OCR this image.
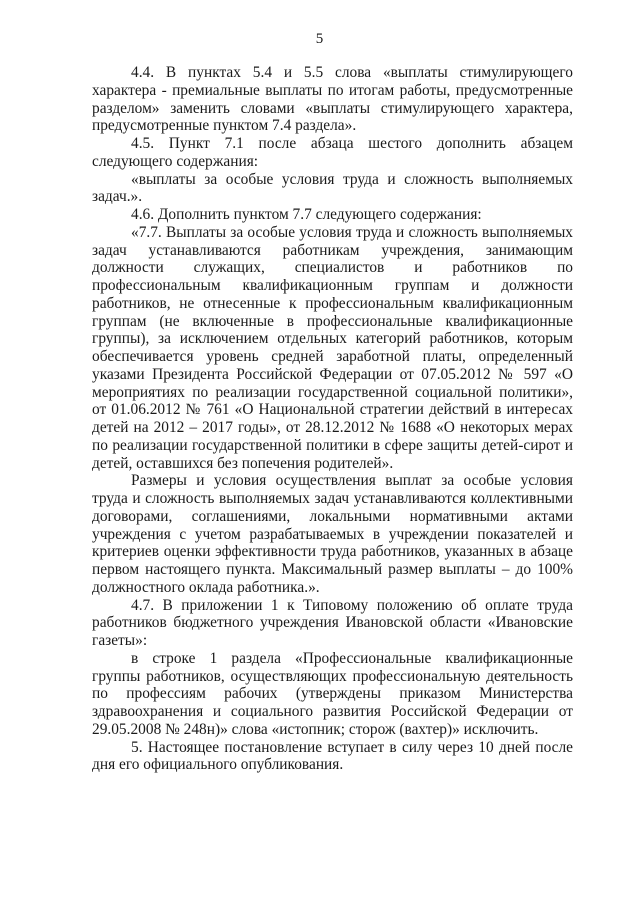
5

4.4. В пунктах 5.4 и 5.5 слова «выплаты стимулирующего характера - премиальные выплаты по итогам работы, предусмотренные разделом» заменить словами «выплаты стимулирующего характера, предусмотренные пунктом 7.4 раздела».

4.5. Пункт 7.1 после абзаца шестого дополнить абзацем следующего содержания:

«выплаты за особые условия труда и сложность выполняемых задач.».

4.6. Дополнить пунктом 7.7 следующего содержания:

«7.7. Выплаты за особые условия труда и сложность выполняемых задач устанавливаются работникам учреждения, занимающим должности служащих, специалистов и работников по профессиональным квалификационным группам и должности работников, не отнесенные к профессиональным квалификационным группам (не включенные в профессиональные квалификационные группы), за исключением отдельных категорий работников, которым обеспечивается уровень средней заработной платы, определенный указами Президента Российской Федерации от 07.05.2012 № 597 «О мероприятиях по реализации государственной социальной политики», от 01.06.2012 № 761 «О Национальной стратегии действий в интересах детей на 2012 – 2017 годы», от 28.12.2012 № 1688 «О некоторых мерах по реализации государственной политики в сфере защиты детей-сирот и детей, оставшихся без попечения родителей».

Размеры и условия осуществления выплат за особые условия труда и сложность выполняемых задач устанавливаются коллективными договорами, соглашениями, локальными нормативными актами учреждения с учетом разрабатываемых в учреждении показателей и критериев оценки эффективности труда работников, указанных в абзаце первом настоящего пункта. Максимальный размер выплаты – до 100% должностного оклада работника.».

4.7. В приложении 1 к Типовому положению об оплате труда работников бюджетного учреждения Ивановской области «Ивановские газеты»:

в строке 1 раздела «Профессиональные квалификационные группы работников, осуществляющих профессиональную деятельность по профессиям рабочих (утверждены приказом Министерства здравоохранения и социального развития Российской Федерации от 29.05.2008 № 248н)» слова «истопник; сторож (вахтер)» исключить.

5. Настоящее постановление вступает в силу через 10 дней после дня его официального опубликования.
